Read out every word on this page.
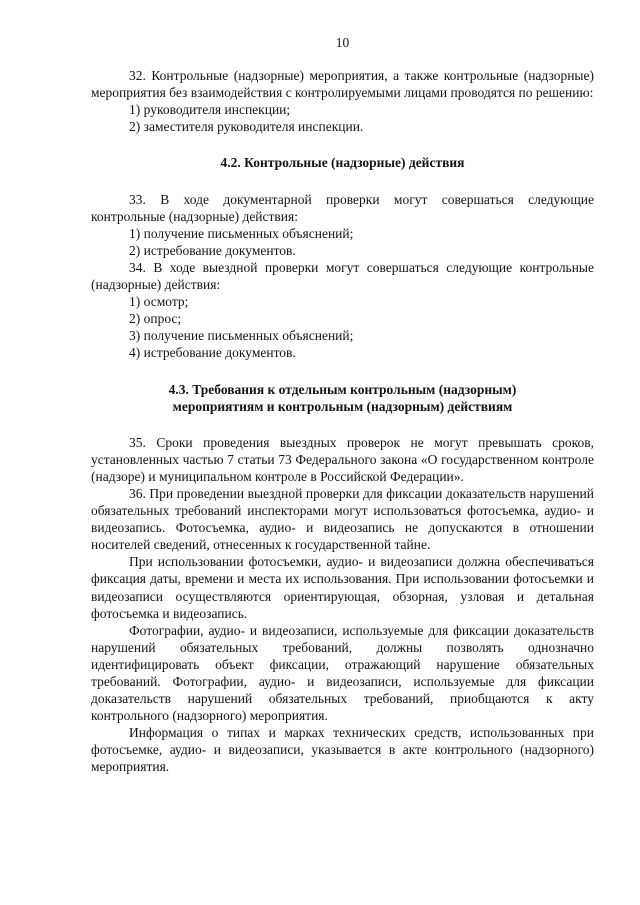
10

32. Контрольные (надзорные) мероприятия, а также контрольные (надзорные) мероприятия без взаимодействия с контролируемыми лицами проводятся по решению:

1) руководителя инспекции;

2) заместителя руководителя инспекции.

4.2. Контрольные (надзорные) действия

33. В ходе документарной проверки могут совершаться следующие контрольные (надзорные) действия:

1) получение письменных объяснений;

2) истребование документов.

34. В ходе выездной проверки могут совершаться следующие контрольные (надзорные) действия:

1) осмотр;

2) опрос;

3) получение письменных объяснений;

4) истребование документов.

4.3. Требования к отдельным контрольным (надзорным)
мероприятиям и контрольным (надзорным) действиям

35. Сроки проведения выездных проверок не могут превышать сроков, установленных частью 7 статьи 73 Федерального закона «О государственном контроле (надзоре) и муниципальном контроле в Российской Федерации».

36. При проведении выездной проверки для фиксации доказательств нарушений обязательных требований инспекторами могут использоваться фотосъемка, аудио- и видеозапись. Фотосъемка, аудио- и видеозапись не допускаются в отношении носителей сведений, отнесенных к государственной тайне.

При использовании фотосъемки, аудио- и видеозаписи должна обеспечиваться фиксация даты, времени и места их использования. При использовании фотосъемки и видеозаписи осуществляются ориентирующая, обзорная, узловая и детальная фотосъемка и видеозапись.

Фотографии, аудио- и видеозаписи, используемые для фиксации доказательств нарушений обязательных требований, должны позволять однозначно идентифицировать объект фиксации, отражающий нарушение обязательных требований. Фотографии, аудио- и видеозаписи, используемые для фиксации доказательств нарушений обязательных требований, приобщаются к акту контрольного (надзорного) мероприятия.

Информация о типах и марках технических средств, использованных при фотосъемке, аудио- и видеозаписи, указывается в акте контрольного (надзорного) мероприятия.
